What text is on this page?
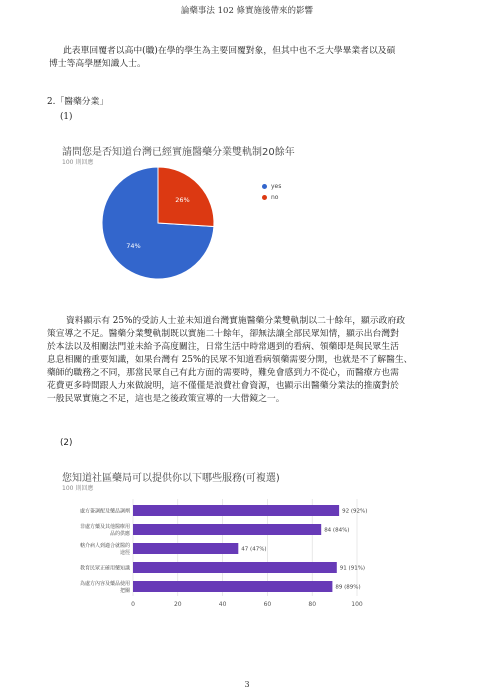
論藥事法 102 條實施後帶來的影響
此表單回覆者以高中(職)在學的學生為主要回覆對象，但其中也不乏大學畢業者以及碩
博士等高學歷知識人士。
2.「醫藥分業」
(1)
請問您是否知道台灣已經實施醫藥分業雙軌制20餘年
100 則回應
74%
26%
yes
no
資料顯示有 25%的受訪人士並未知道台灣實施醫藥分業雙軌制以二十餘年，顯示政府政
策宣導之不足。醫藥分業雙軌制既以實施二十餘年，卻無法讓全部民眾知情，顯示出台灣對
於本法以及相關法門並未給予高度關注，日常生活中時常遇到的看病、領藥即是與民眾生活
息息相關的重要知識，如果台灣有 25%的民眾不知道看病領藥需要分開，也就是不了解醫生、
藥師的職務之不同，那當民眾自己有此方面的需要時，難免會感到力不從心，而醫療方也需
花費更多時間跟人力來做說明，這不僅僅是浪費社會資源，也顯示出醫藥分業法的推廣對於
一般民眾實施之不足，這也是之後政策宣導的一大借鏡之一。
(2)
您知道社區藥局可以提供你以下哪些服務(可複選)
100 則回應
0	20	40	60	80	100
處方簽調配及藥品調劑	92 (92%)
非處方藥及其他醫療用
品的供應
84 (84%)
轄介病人到適合就醫的
途徑
47 (47%)
教育民眾正確用藥知識	91 (91%)
為處方內容及藥品使用
把關
89 (89%)
3
